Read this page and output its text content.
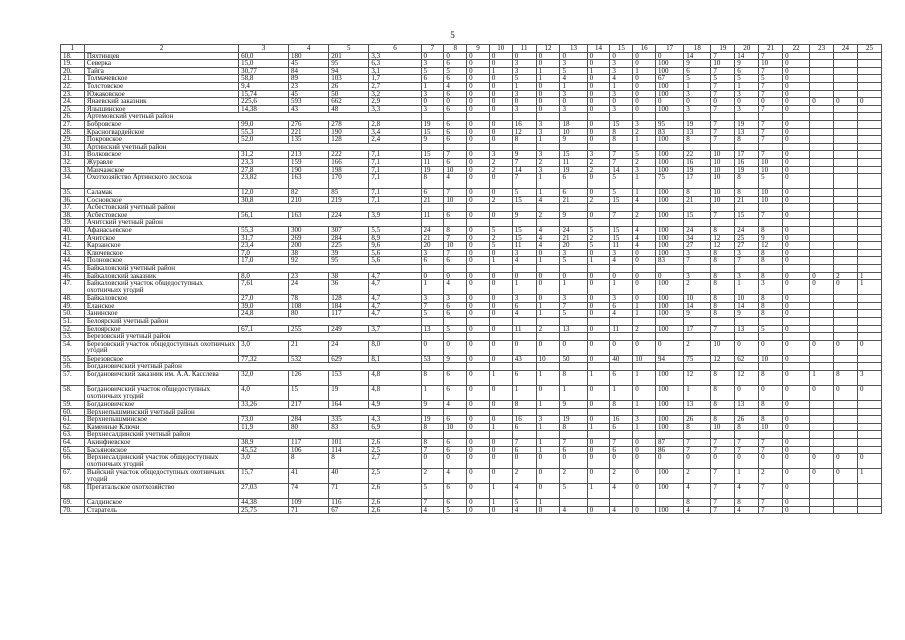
5
1	2	3	4	5	6	7	8	9	10	11	12	13	14	15	16	17	18	19	20	21	22	23	24	25
18.	Пяхтинцев	60,0	180	201	3,3	0	0	0	0	0	0	0	0	0	0	0	14	7	14	7	0			
19.	Северка	15,0	45	95	6,3	3	6	0	0	3	0	3	0	3	0	100	9	10	9	10	0			
20.	Тайга	30,77	84	94	3,1	5	5	0	1	3	1	5	1	3	1	100	6	7	6	7	0			
21.	Толмачевское	58,8	89	103	1,7	6	6	0	0	5	1	4	0	4	0	67	5	5	5	5	0			
22.	Толстовское	9,4	23	26	2,7	1	4	0	0	1	0	1	0	1	0	100	1	7	1	7	0			
23.	Южаковское	15,74	45	50	3,2	3	6	0	0	3	0	3	0	3	0	100	3	7	3	7	0			
24.	Янаевский заказник	225,6	593	662	2,9	0	0	0	0	0	0	0	0	0	0	0	0	0	0	0	0	0	0	0
25.	Ялышинское	14,38	43	48	3,3	3	6	0	0	3	0	3	0	3	0	100	3	7	3	7	0			
26.	Артемовский учетный район																							
27.	Бобровское	99,0	276	278	2,8	19	6	0	0	16	3	18	0	15	3	95	19	7	19	7	0			
28.	Красногвардейское	55,3	221	190	3,4	15	6	0	0	12	3	10	0	8	2	83	13	7	13	7	0			
29.	Покровское	52,0	135	128	2,4	9	6	0	0	8	1	9	0	8	1	100	8	7	8	7	0			
30.	Артинский учетный район																							
31.	Волковское	31,2	213	222	7,1	15	7	0	3	9	3	15	3	7	5	100	22	10	17	7	0			
32.	Журавлe	23,3	159	166	7,1	11	6	0	2	7	2	11	2	7	2	100	16	10	16	10	0			
33.	Манчажское	27,8	190	198	7,1	19	10	0	2	14	3	19	2	14	3	100	19	10	19	10	0			
34.	Охотхозяйство Артинского лесхоза	23,82	163	170	7,1	8	4	0	0	7	1	6	0	5	1	75	17	10	8	5	0			
35.	Саламак	12,0	82	85	7,1	6	7	0	0	5	1	6	0	5	1	100	8	10	8	10	0			
36.	Сосновское	30,8	210	219	7,1	21	10	0	2	15	4	21	2	15	4	100	21	10	21	10	0			
37.	Асбестовский учетный район																							
38.	Асбестовское	56,1	163	224	3,9	11	6	0	0	9	2	9	0	7	2	100	15	7	15	7	0			
39.	Ачитский учетный район																							
40.	Афанасьевское	55,3	300	307	5,5	24	8	0	5	15	4	24	5	15	4	100	24	8	24	8	0			
41.	Ачитское	31,7	269	284	8,9	21	7	0	2	15	4	21	2	15	4	100	34	12	25	9	0			
42.	Карзанское	23,4	200	225	9,6	20	10	0	5	11	4	20	5	11	4	100	27	12	27	12	0			
43.	Ключевское	7,0	38	39	5,6	3	7	0	0	3	0	3	0	3	0	100	3	8	3	8	0			
44.	Полновское	17,0	92	95	5,6	6	6	0	1	4	1	5	1	4	0	83	7	8	7	8	0			
45.	Байкаловский учетный район																							
46.	Байкаловский заказник	8,0	23	38	4,7	0	0	0	0	0	0	0	0	0	0	0	3	8	3	8	0	0	2	1
47.	Байкаловский участок общедоступных охотничьих угодий	7,61	24	36	4,7	1	4	0	0	1	0	1	0	1	0	100	2	8	1	3	0	0	0	1
48.	Байкаловское	27,0	78	128	4,7	3	3	0	0	3	0	3	0	3	0	100	10	8	10	8	0			
49.	Еланское	39,0	108	184	4,7	7	6	0	0	6	1	7	0	6	1	100	14	8	14	8	0			
50.	Занинское	24,8	80	117	4,7	5	6	0	0	4	1	5	0	4	1	100	9	8	9	8	0			
51.	Белоярский учетный район																							
52.	Белоярское	67,1	255	249	3,7	13	5	0	0	11	2	13	0	11	2	100	17	7	13	5	0			
53.	Березовский учетный район																							
54.	Березовский участок общедоступных охотничьих угодий	3,0	21	24	8,0	0	0	0	0	0	0	0	0	0	0	0	2	10	0	0	0	0	0	0
55.	Березовское	77,32	532	629	8,1	53	9	0	0	43	10	50	0	40	10	94	75	12	62	10	0			
56.	Богдановичский учетный район																							
57.	Богдановичский заказник им. А.А. Касслева	32,0	126	153	4,8	8	6	0	1	6	1	8	1	6	1	100	12	8	12	8	0	1	8	3
58.	Богдановичский участок общедоступных охотничьих угодий	4,0	15	19	4,8	1	6	0	0	1	0	1	0	1	0	100	1	8	0	0	0	0	0	0
59.	Богдановичское	33,26	217	164	4,9	9	4	0	0	8	1	9	0	8	1	100	13	8	13	8	0			
60.	Верхнепышминский учетный район																							
61.	Верхнепышминское	73,0	284	335	4,3	19	6	0	0	16	3	19	0	16	3	100	26	8	26	8	0			
62.	Каменные Ключи	11,9	80	83	6,9	8	10	0	1	6	1	8	1	6	1	100	8	10	8	10	0			
63.	Верхнесалдинский учетный район																							
64.	Акинфиевское	38,9	117	101	2,6	8	6	0	0	7	1	7	0	7	0	87	7	7	7	7	0			
65.	Басьяновское	45,52	106	114	2,5	7	6	0	0	6	1	6	0	6	0	86	7	7	7	7	0			
66.	Верхнесалдинский участок общедоступных охотничьих угодий	3,0	8	8	2,7	0	0	0	0	0	0	0	0	0	0	0	0	0	0	0	0	0	0	0
67.	Выйский участок общедоступных охотничьих угодий	15,7	41	40	2,5	2	4	0	0	2	0	2	0	2	0	100	2	7	1	2	0	0	0	1
68.	Прегатальское охотхозяйство	27,03	74	71	2,6	5	6	0	1	4	0	5	1	4	0	100	4	7	4	7	0			
69.	Салдинское	44,38	109	116	2,6	7	6	0	1	5	1						8	7	8	7	0			
70.	Старатель	25,75	71	67	2,6	4	5	0	0	4	0	4	0	4	0	100	4	7	4	7	0			
